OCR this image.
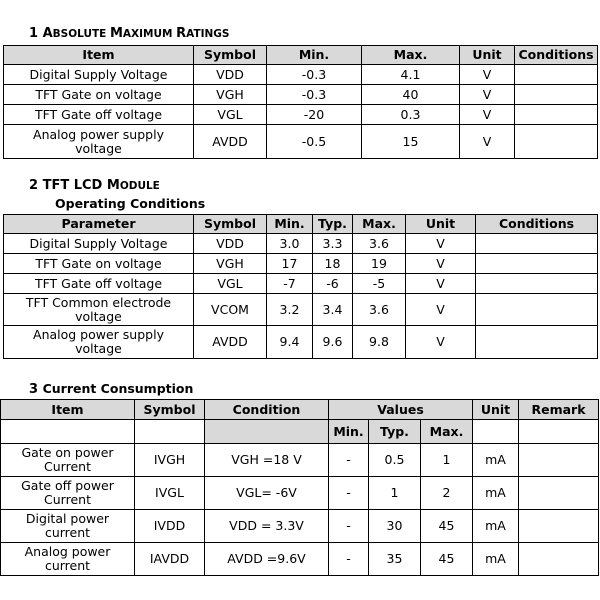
1 ABSOLUTE MAXIMUM RATINGS
Item	Symbol	Min.	Max.	Unit	Conditions
Digital Supply Voltage	VDD	-0.3	4.1	V	
TFT Gate on voltage	VGH	-0.3	40	V	
TFT Gate off voltage	VGL	-20	0.3	V	
Analog power supply voltage	AVDD	-0.5	15	V	
2 TFT LCD MODULE
Operating Conditions
Parameter	Symbol	Min.	Typ.	Max.	Unit	Conditions
Digital Supply Voltage	VDD	3.0	3.3	3.6	V	
TFT Gate on voltage	VGH	17	18	19	V	
TFT Gate off voltage	VGL	-7	-6	-5	V	
TFT Common electrode voltage	VCOM	3.2	3.4	3.6	V	
Analog power supply voltage	AVDD	9.4	9.6	9.8	V	
3 Current Consumption
Item	Symbol	Condition	Values			Unit	Remark
			Min.	Typ.	Max.		
Gate on power Current	IVGH	VGH =18 V	-	0.5	1	mA	
Gate off power Current	IVGL	VGL= -6V	-	1	2	mA	
Digital power current	IVDD	VDD = 3.3V	-	30	45	mA	
Analog power current	IAVDD	AVDD =9.6V	-	35	45	mA	
